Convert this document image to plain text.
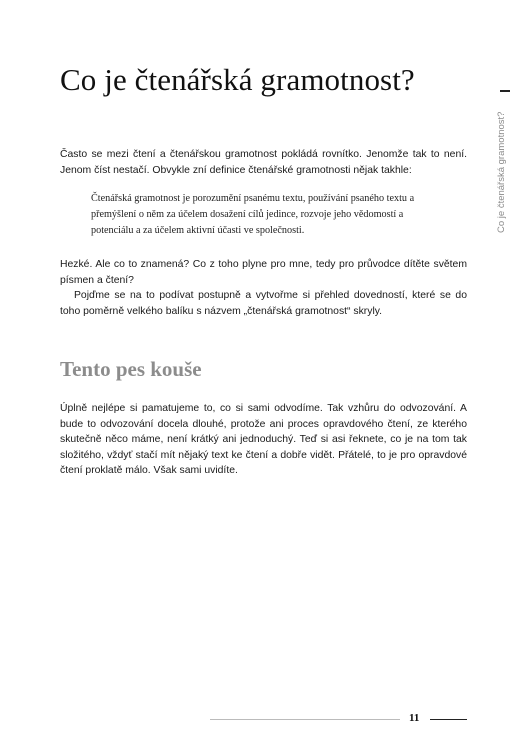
Co je čtenářská gramotnost?
Co je čtenářská gramotnost?

Často se mezi čtení a čtenářskou gramotnost pokládá rovnítko. Jenomže tak to není. Jenom číst nestačí. Obvykle zní definice čtenářské gramotnosti nějak takhle:

Čtenářská gramotnost je porozumění psanému textu, používání psaného textu a přemýšlení o něm za účelem dosažení cílů jedince, rozvoje jeho vědomostí a potenciálu a za účelem aktivní účasti ve společnosti.

Hezké. Ale co to znamená? Co z toho plyne pro mne, tedy pro průvodce dítěte světem písmen a čtení?
Pojďme se na to podívat postupně a vytvořme si přehled dovedností, které se do toho poměrně velkého balíku s názvem „čtenářská gramotnost“ skryly.
Tento pes kouše

Úplně nejlépe si pamatujeme to, co si sami odvodíme. Tak vzhůru do odvozování. A bude to odvozování docela dlouhé, protože ani proces opravdového čtení, ze kterého skutečně něco máme, není krátký ani jednoduchý. Teď si asi řeknete, co je na tom tak složitého, vždyť stačí mít nějaký text ke čtení a dobře vidět. Přátelé, to je pro opravdové čtení proklatě málo. Však sami uvidíte.

11
